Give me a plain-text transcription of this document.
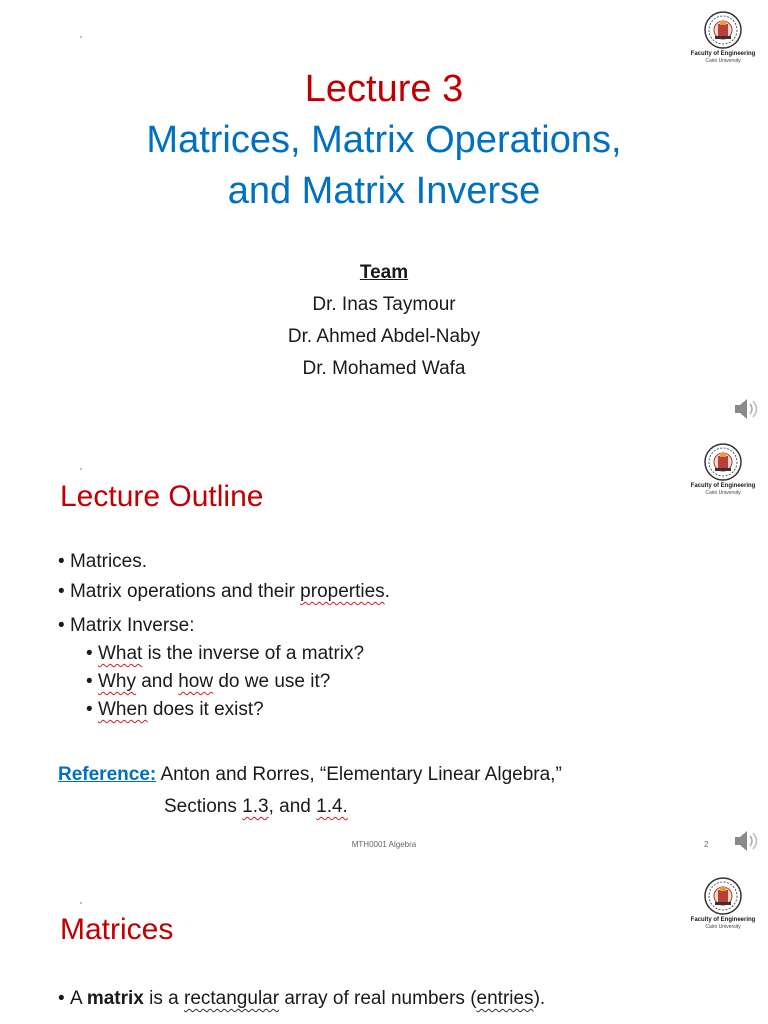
Faculty of Engineering
Cairo University
Lecture 3
Matrices, Matrix Operations,
and Matrix Inverse
Team
Dr. Inas Taymour
Dr. Ahmed Abdel-Naby
Dr. Mohamed Wafa
Faculty of Engineering
Cairo University
Lecture Outline
• Matrices.
• Matrix operations and their properties.
• Matrix Inverse:
• What is the inverse of a matrix?
• Why and how do we use it?
• When does it exist?
Reference: Anton and Rorres, “Elementary Linear Algebra,”
Sections 1.3, and 1.4.
MTH0001 Algebra	2
Faculty of Engineering
Cairo University
Matrices
• A matrix is a rectangular array of real numbers (entries).
